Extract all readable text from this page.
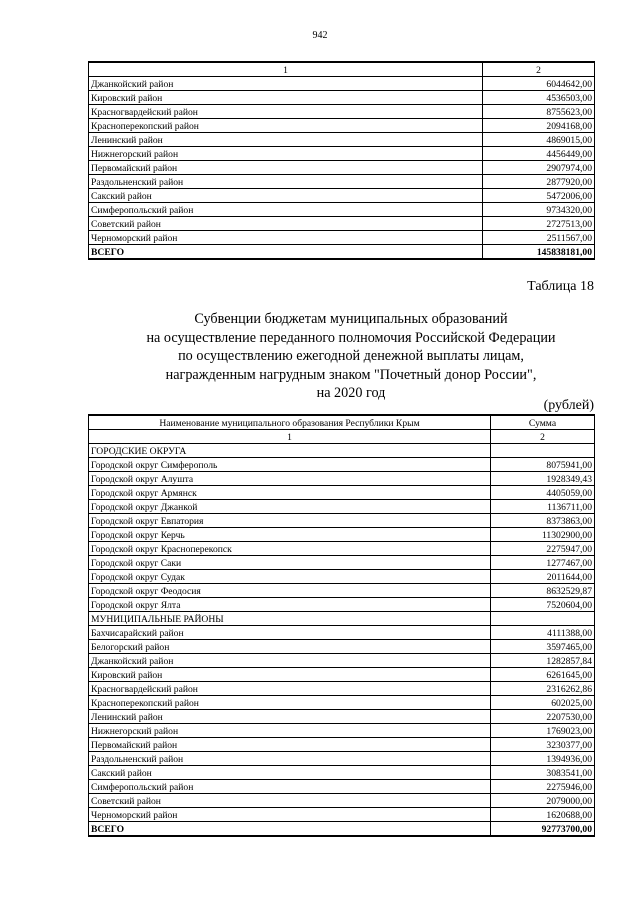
942
1	2
Джанкойский район	6044642,00
Кировский район	4536503,00
Красногвардейский район	8755623,00
Красноперекопский район	2094168,00
Ленинский район	4869015,00
Нижнегорский район	4456449,00
Первомайский район	2907974,00
Раздольненский район	2877920,00
Сакский район	5472006,00
Симферопольский район	9734320,00
Советский район	2727513,00
Черноморский район	2511567,00
ВСЕГО	145838181,00
Таблица 18
Субвенции бюджетам муниципальных образований
на осуществление переданного полномочия Российской Федерации
по осуществлению ежегодной денежной выплаты лицам,
награжденным нагрудным знаком "Почетный донор России",
на 2020 год
(рублей)
Наименование муниципального образования Республики Крым	Сумма
1	2
ГОРОДСКИЕ ОКРУГА	
Городской округ Симферополь	8075941,00
Городской округ Алушта	1928349,43
Городской округ Армянск	4405059,00
Городской округ Джанкой	1136711,00
Городской округ Евпатория	8373863,00
Городской округ Керчь	11302900,00
Городской округ Красноперекопск	2275947,00
Городской округ Саки	1277467,00
Городской округ Судак	2011644,00
Городской округ Феодосия	8632529,87
Городской округ Ялта	7520604,00
МУНИЦИПАЛЬНЫЕ РАЙОНЫ	
Бахчисарайский район	4111388,00
Белогорский район	3597465,00
Джанкойский район	1282857,84
Кировский район	6261645,00
Красногвардейский район	2316262,86
Красноперекопский район	602025,00
Ленинский район	2207530,00
Нижнегорский район	1769023,00
Первомайский район	3230377,00
Раздольненский район	1394936,00
Сакский район	3083541,00
Симферопольский район	2275946,00
Советский район	2079000,00
Черноморский район	1620688,00
ВСЕГО	92773700,00
